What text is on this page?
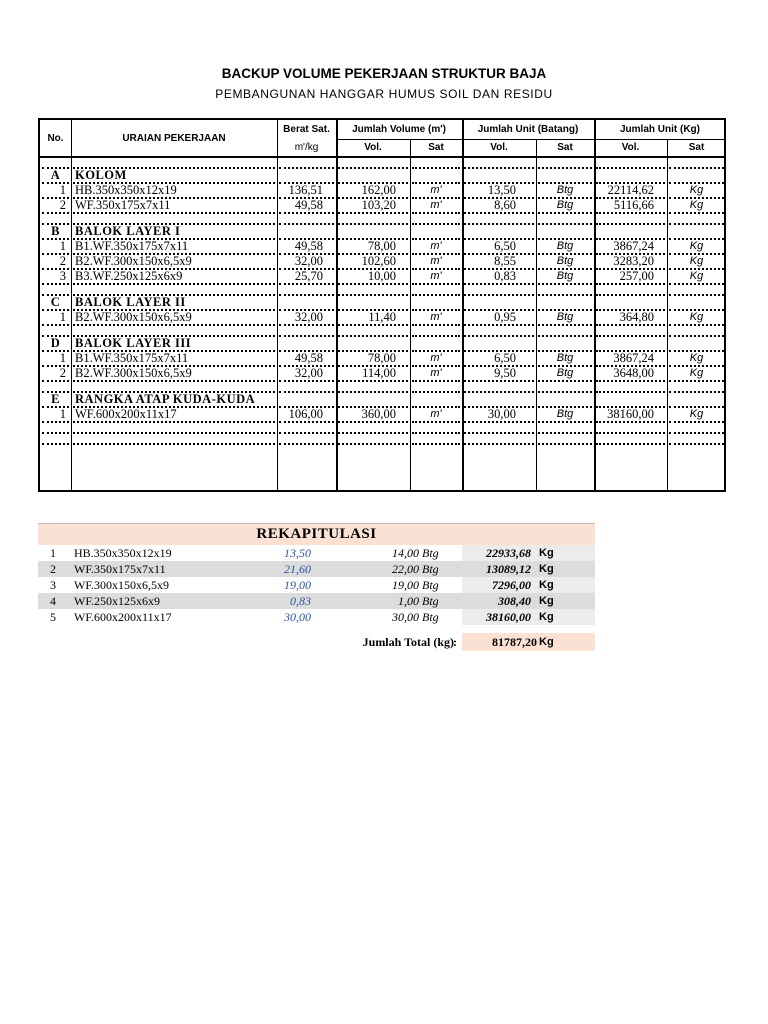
BACKUP VOLUME PEKERJAAN STRUKTUR BAJA
PEMBANGUNAN HANGGAR HUMUS SOIL DAN RESIDU
No.	URAIAN PEKERJAAN
Berat Sat.
m'/kg
Jumlah Volume (m')	Jumlah Unit (Batang)	Jumlah Unit (Kg)
Vol.	Sat	Vol.	Sat	Vol.	Sat
A	KOLOM
1 HB.350x350x12x19	136,51	162,00	m'	13,50	Btg	22114,62	Kg
2 WF.350x175x7x11	49,58	103,20	m'	8,60	Btg	5116,66	Kg
B	BALOK LAYER I
1 B1.WF.350x175x7x11	49,58	78,00	m'	6,50	Btg	3867,24	Kg
2 B2.WF.300x150x6,5x9	32,00	102,60	m'	8,55	Btg	3283,20	Kg
3 B3.WF.250x125x6x9	25,70	10,00	m'	0,83	Btg	257,00	Kg
C	BALOK LAYER II
1 B2.WF.300x150x6,5x9	32,00	11,40	m'	0,95	Btg	364,80	Kg
D	BALOK LAYER III
1 B1.WF.350x175x7x11	49,58	78,00	m'	6,50	Btg	3867,24	Kg
2 B2.WF.300x150x6,5x9	32,00	114,00	m'	9,50	Btg	3648,00	Kg
E	RANGKA ATAP KUDA-KUDA
1 WF.600x200x11x17	106,00	360,00	m'	30,00	Btg	38160,00	Kg
REKAPITULASI
1 HB.350x350x12x19	13,50	14,00 Btg	22933,68 Kg
2 WF.350x175x7x11	21,60	22,00 Btg	13089,12 Kg
3 WF.300x150x6,5x9	19,00	19,00 Btg	7296,00 Kg
4 WF.250x125x6x9	0,83	1,00 Btg	308,40 Kg
5 WF.600x200x11x17	30,00	30,00 Btg	38160,00 Kg
Jumlah Total (kg) :	81787,20 Kg
